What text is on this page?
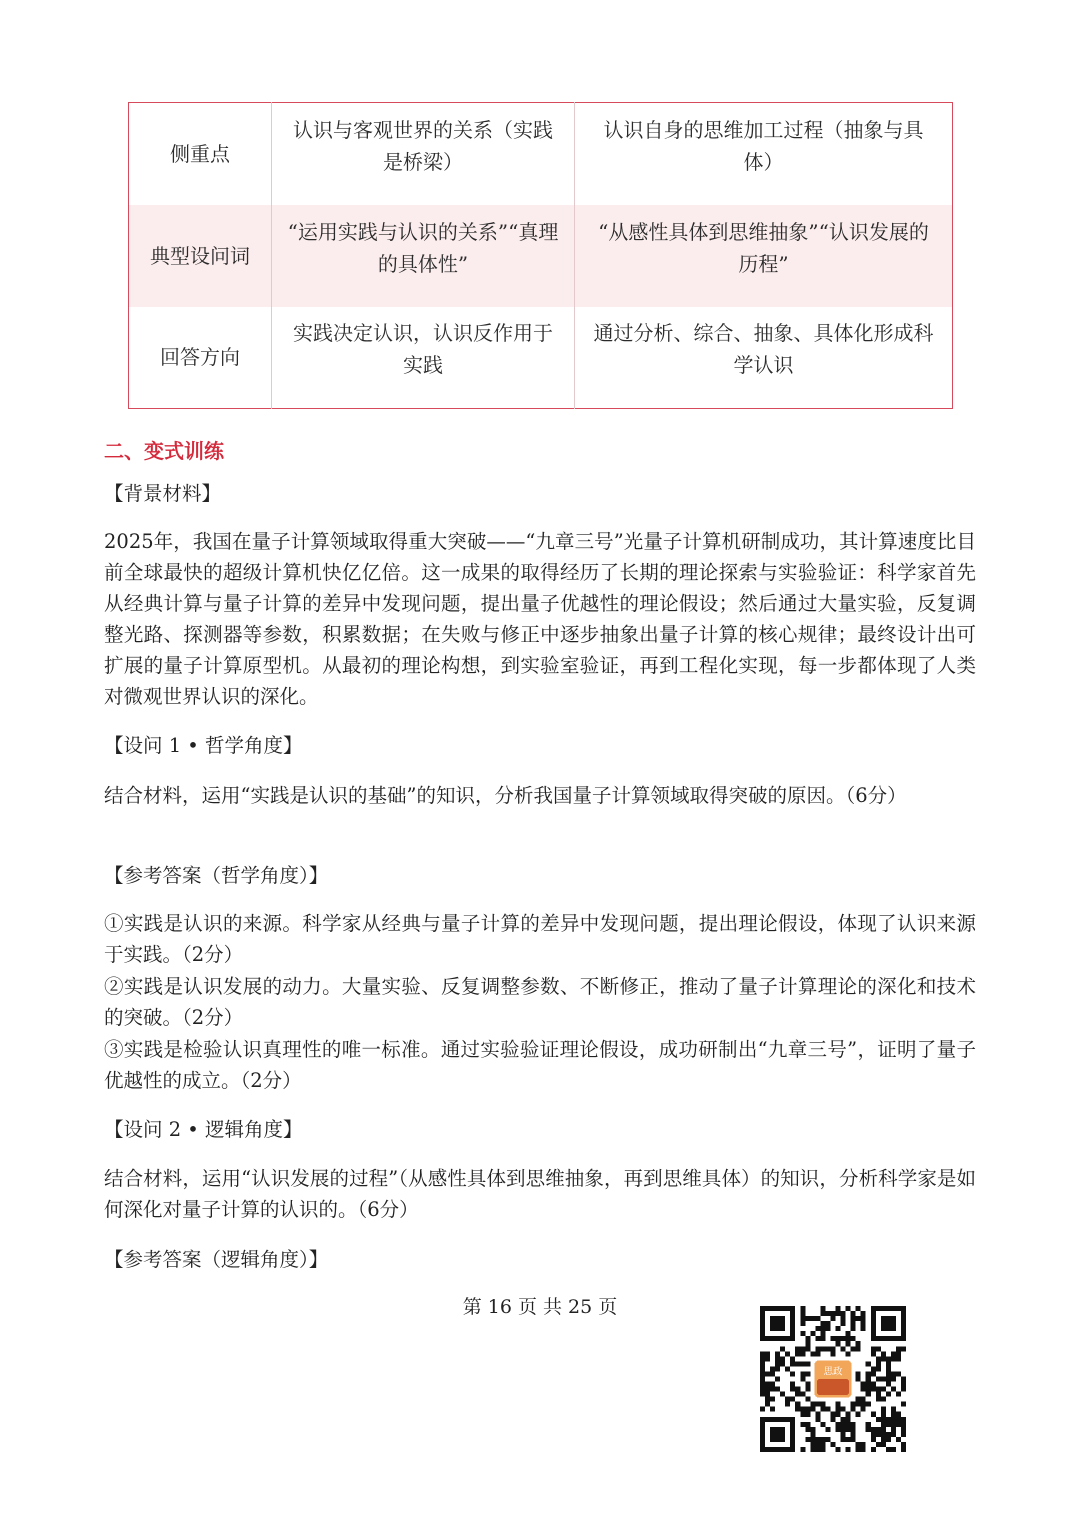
侧重点	认识与客观世界的关系（实践是桥梁）	认识自身的思维加工过程（抽象与具体）
典型设问词	“运用实践与认识的关系”“真理的具体性”	“从感性具体到思维抽象”“认识发展的历程”
回答方向	实践决定认识，认识反作用于实践	通过分析、综合、抽象、具体化形成科学认识
二、变式训练
【背景材料】

2025年，我国在量子计算领域取得重大突破——“九章三号”光量子计算机研制成功，其计算速度比目前全球最快的超级计算机快亿亿倍。这一成果的取得经历了长期的理论探索与实验验证：科学家首先从经典计算与量子计算的差异中发现问题，提出量子优越性的理论假设；然后通过大量实验，反复调整光路、探测器等参数，积累数据；在失败与修正中逐步抽象出量子计算的核心规律；最终设计出可扩展的量子计算原型机。从最初的理论构想，到实验室验证，再到工程化实现，每一步都体现了人类对微观世界认识的深化。

【设问 1 • 哲学角度】

结合材料，运用“实践是认识的基础”的知识，分析我国量子计算领域取得突破的原因。（6分）

【参考答案（哲学角度）】

①实践是认识的来源。科学家从经典与量子计算的差异中发现问题，提出理论假设，体现了认识来源于实践。（2分）

②实践是认识发展的动力。大量实验、反复调整参数、不断修正，推动了量子计算理论的深化和技术的突破。（2分）

③实践是检验认识真理性的唯一标准。通过实验验证理论假设，成功研制出“九章三号”，证明了量子优越性的成立。（2分）

【设问 2 • 逻辑角度】

结合材料，运用“认识发展的过程”（从感性具体到思维抽象，再到思维具体）的知识，分析科学家是如何深化对量子计算的认识的。（6分）

【参考答案（逻辑角度）】
第 16 页 共 25 页
思政
